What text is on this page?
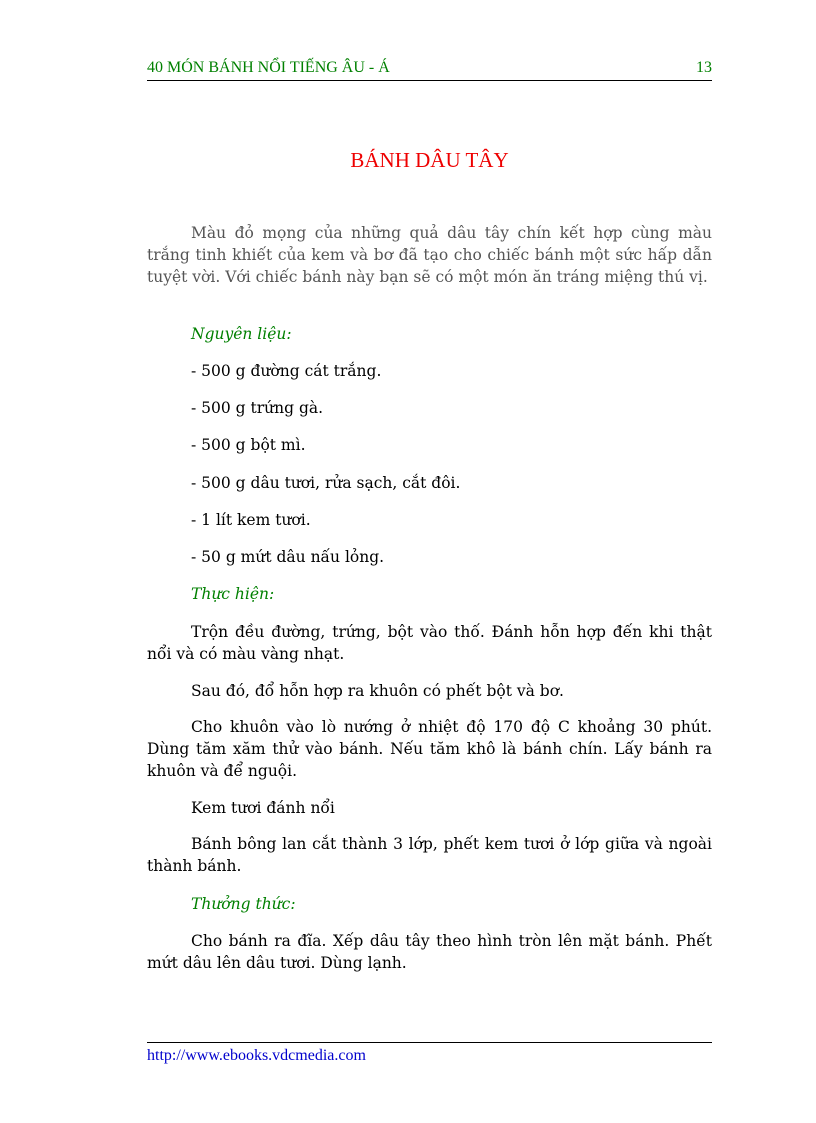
40 MÓN BÁNH NỔI TIẾNG ÂU - Á	13
BÁNH DÂU TÂY

Màu đỏ mọng của những quả dâu tây chín kết hợp cùng màu trắng tinh khiết của kem và bơ đã tạo cho chiếc bánh một sức hấp dẫn tuyệt vời. Với chiếc bánh này bạn sẽ có một món ăn tráng miệng thú vị.

Nguyên liệu:
- 500 g đường cát trắng.
- 500 g trứng gà.
- 500 g bột mì.
- 500 g dâu tươi, rửa sạch, cắt đôi.
- 1 lít kem tươi.
- 50 g mứt dâu nấu lỏng.
Thực hiện:

Trộn đều đường, trứng, bột vào thố. Đánh hỗn hợp đến khi thật nổi và có màu vàng nhạt.

Sau đó, đổ hỗn hợp ra khuôn có phết bột và bơ.

Cho khuôn vào lò nướng ở nhiệt độ 170 độ C khoảng 30 phút. Dùng tăm xăm thử vào bánh. Nếu tăm khô là bánh chín. Lấy bánh ra khuôn và để nguội.

Kem tươi đánh nổi

Bánh bông lan cắt thành 3 lớp, phết kem tươi ở lớp giữa và ngoài thành bánh.

Thưởng thức:

Cho bánh ra đĩa. Xếp dâu tây theo hình tròn lên mặt bánh. Phết mứt dâu lên dâu tươi. Dùng lạnh.

http://www.ebooks.vdcmedia.com
